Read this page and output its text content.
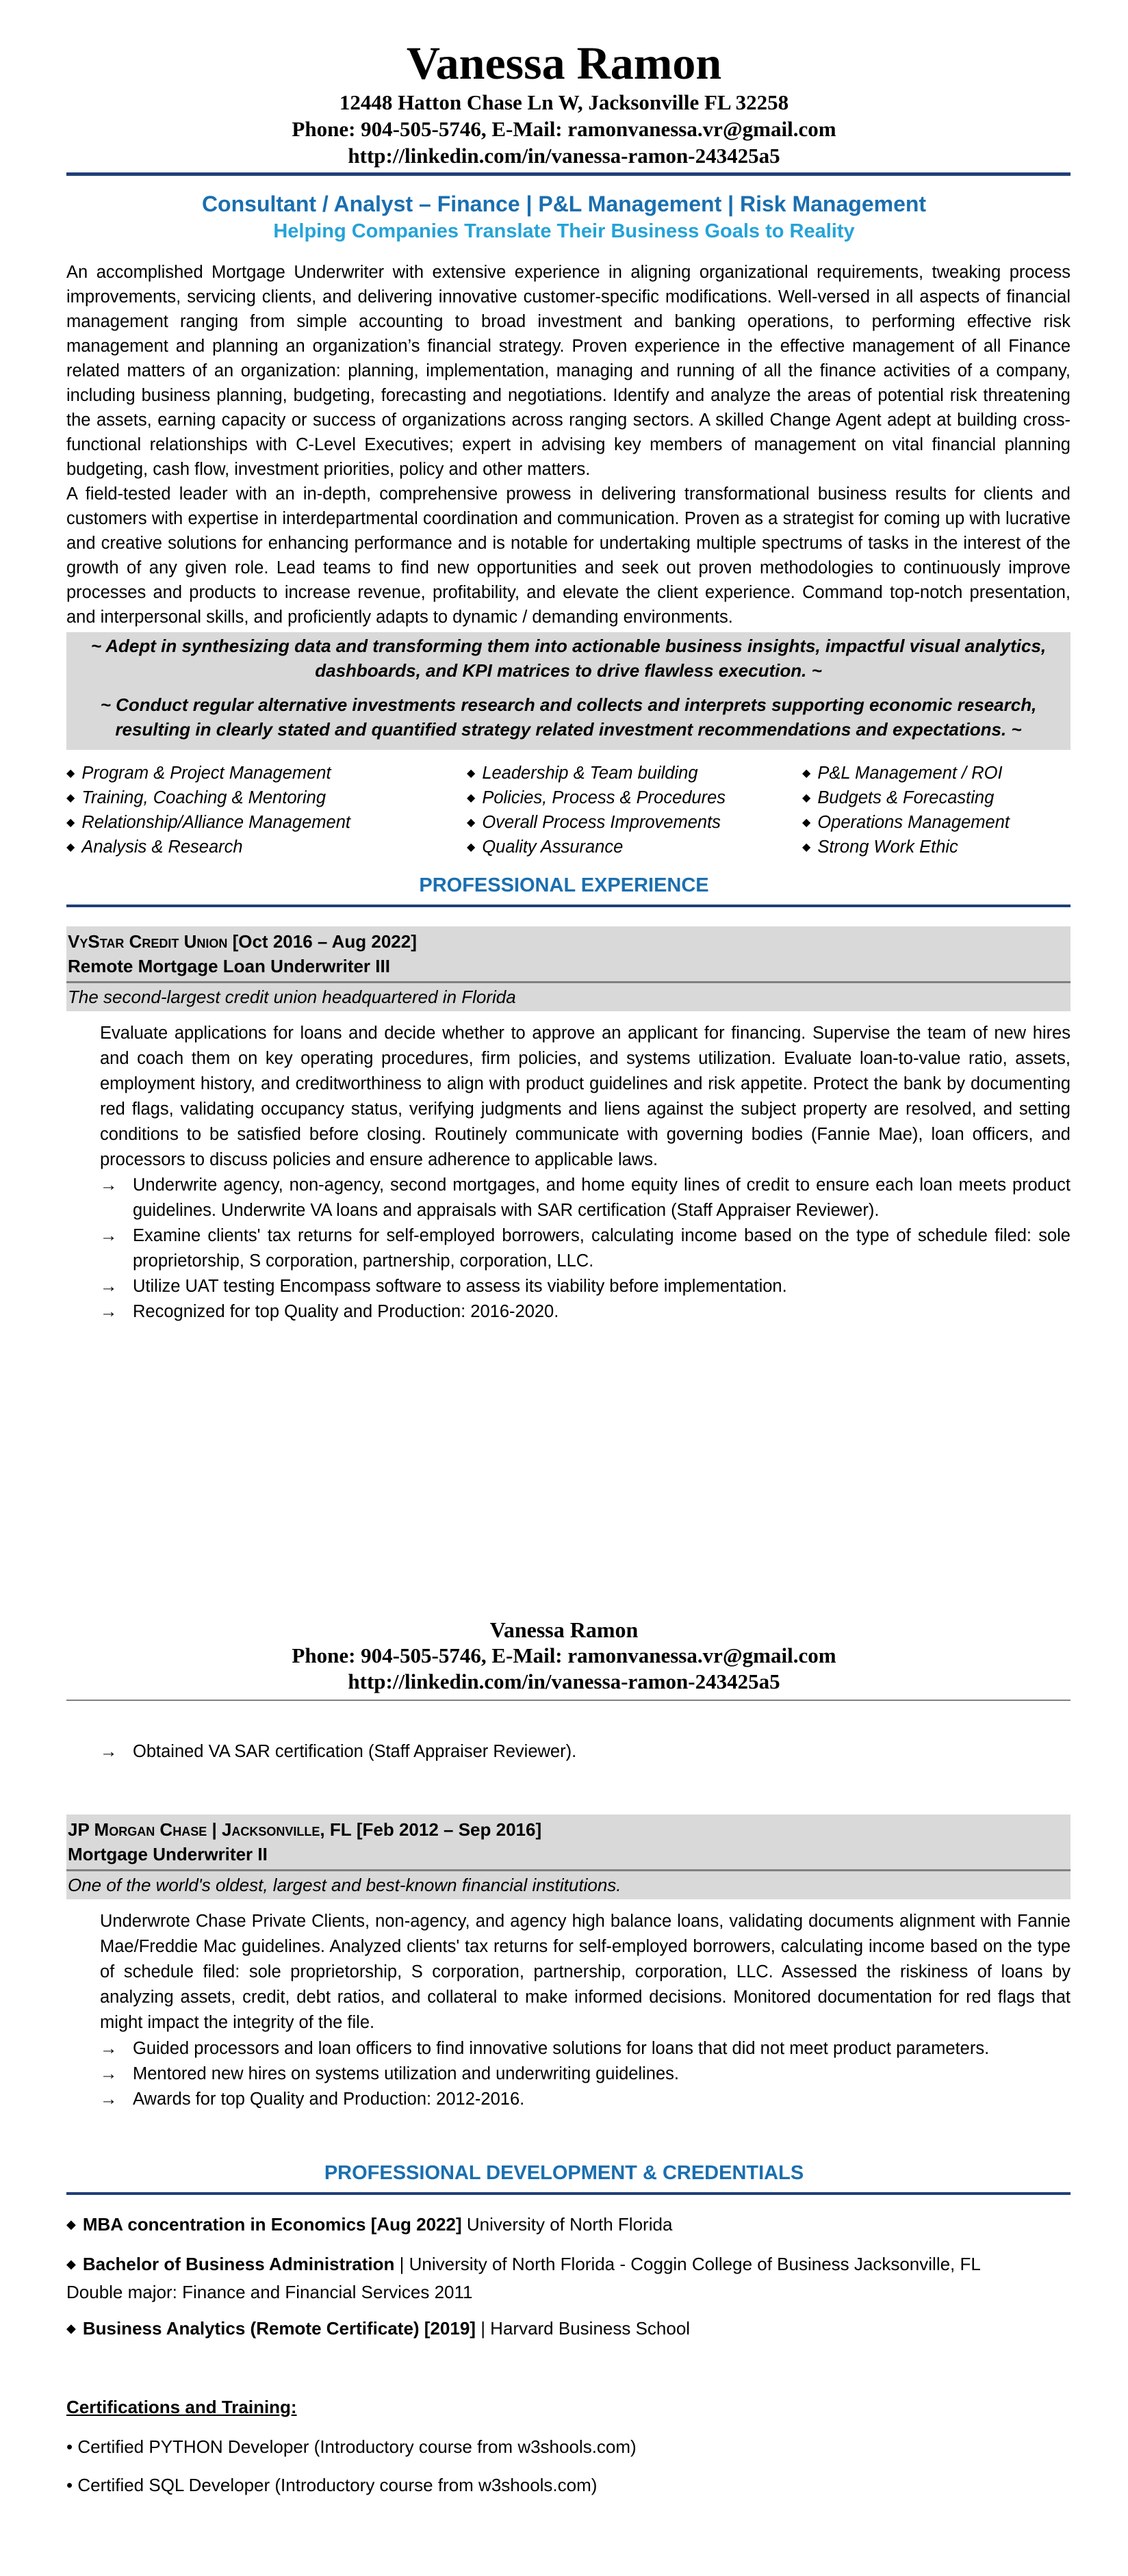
Vanessa Ramon
12448 Hatton Chase Ln W, Jacksonville FL 32258
Phone: 904-505-5746, E-Mail: ramonvanessa.vr@gmail.com
http://linkedin.com/in/vanessa-ramon-243425a5
Consultant / Analyst – Finance | P&L Management | Risk Management
Helping Companies Translate Their Business Goals to Reality
An accomplished Mortgage Underwriter with extensive experience in aligning organizational requirements, tweaking process improvements, servicing clients, and delivering innovative customer-specific modifications. Well-versed in all aspects of financial management ranging from simple accounting to broad investment and banking operations, to performing effective risk management and planning an organization’s financial strategy. Proven experience in the effective management of all Finance related matters of an organization: planning, implementation, managing and running of all the finance activities of a company, including business planning, budgeting, forecasting and negotiations. Identify and analyze the areas of potential risk threatening the assets, earning capacity or success of organizations across ranging sectors. A skilled Change Agent adept at building cross-functional relationships with C-Level Executives; expert in advising key members of management on vital financial planning budgeting, cash flow, investment priorities, policy and other matters.
A field-tested leader with an in-depth, comprehensive prowess in delivering transformational business results for clients and customers with expertise in interdepartmental coordination and communication. Proven as a strategist for coming up with lucrative and creative solutions for enhancing performance and is notable for undertaking multiple spectrums of tasks in the interest of the growth of any given role. Lead teams to find new opportunities and seek out proven methodologies to continuously improve processes and products to increase revenue, profitability, and elevate the client experience. Command top-notch presentation, and interpersonal skills, and proficiently adapts to dynamic / demanding environments.
~ Adept in synthesizing data and transforming them into actionable business insights, impactful visual analytics, dashboards, and KPI matrices to drive flawless execution. ~
~ Conduct regular alternative investments research and collects and interprets supporting economic research, resulting in clearly stated and quantified strategy related investment recommendations and expectations. ~
◆ Program & Project Management
◆ Training, Coaching & Mentoring
◆ Relationship/Alliance Management
◆ Analysis & Research
◆ Leadership & Team building
◆ Policies, Process & Procedures
◆ Overall Process Improvements
◆ Quality Assurance
◆ P&L Management / ROI
◆ Budgets & Forecasting
◆ Operations Management
◆ Strong Work Ethic
PROFESSIONAL EXPERIENCE
VyStar Credit Union [Oct 2016 – Aug 2022]
Remote Mortgage Loan Underwriter III
The second-largest credit union headquartered in Florida
Evaluate applications for loans and decide whether to approve an applicant for financing. Supervise the team of new hires and coach them on key operating procedures, firm policies, and systems utilization. Evaluate loan-to-value ratio, assets, employment history, and creditworthiness to align with product guidelines and risk appetite. Protect the bank by documenting red flags, validating occupancy status, verifying judgments and liens against the subject property are resolved, and setting conditions to be satisfied before closing. Routinely communicate with governing bodies (Fannie Mae), loan officers, and processors to discuss policies and ensure adherence to applicable laws.
→ Underwrite agency, non-agency, second mortgages, and home equity lines of credit to ensure each loan meets product guidelines. Underwrite VA loans and appraisals with SAR certification (Staff Appraiser Reviewer).
→ Examine clients' tax returns for self-employed borrowers, calculating income based on the type of schedule filed: sole proprietorship, S corporation, partnership, corporation, LLC.
→ Utilize UAT testing Encompass software to assess its viability before implementation.
→ Recognized for top Quality and Production: 2016-2020.
Vanessa Ramon
Phone: 904-505-5746, E-Mail: ramonvanessa.vr@gmail.com
http://linkedin.com/in/vanessa-ramon-243425a5
→ Obtained VA SAR certification (Staff Appraiser Reviewer).
JP Morgan Chase | Jacksonville, FL [Feb 2012 – Sep 2016]
Mortgage Underwriter II
One of the world's oldest, largest and best-known financial institutions.
Underwrote Chase Private Clients, non-agency, and agency high balance loans, validating documents alignment with Fannie Mae/Freddie Mac guidelines. Analyzed clients' tax returns for self-employed borrowers, calculating income based on the type of schedule filed: sole proprietorship, S corporation, partnership, corporation, LLC. Assessed the riskiness of loans by analyzing assets, credit, debt ratios, and collateral to make informed decisions. Monitored documentation for red flags that might impact the integrity of the file.
→ Guided processors and loan officers to find innovative solutions for loans that did not meet product parameters.
→ Mentored new hires on systems utilization and underwriting guidelines.
→ Awards for top Quality and Production: 2012-2016.
PROFESSIONAL DEVELOPMENT & CREDENTIALS
◆ MBA concentration in Economics [Aug 2022] University of North Florida
◆ Bachelor of Business Administration | University of North Florida - Coggin College of Business Jacksonville, FL
Double major: Finance and Financial Services 2011
◆ Business Analytics (Remote Certificate) [2019] | Harvard Business School
Certifications and Training:
• Certified PYTHON Developer (Introductory course from w3shools.com)
• Certified SQL Developer (Introductory course from w3shools.com)
